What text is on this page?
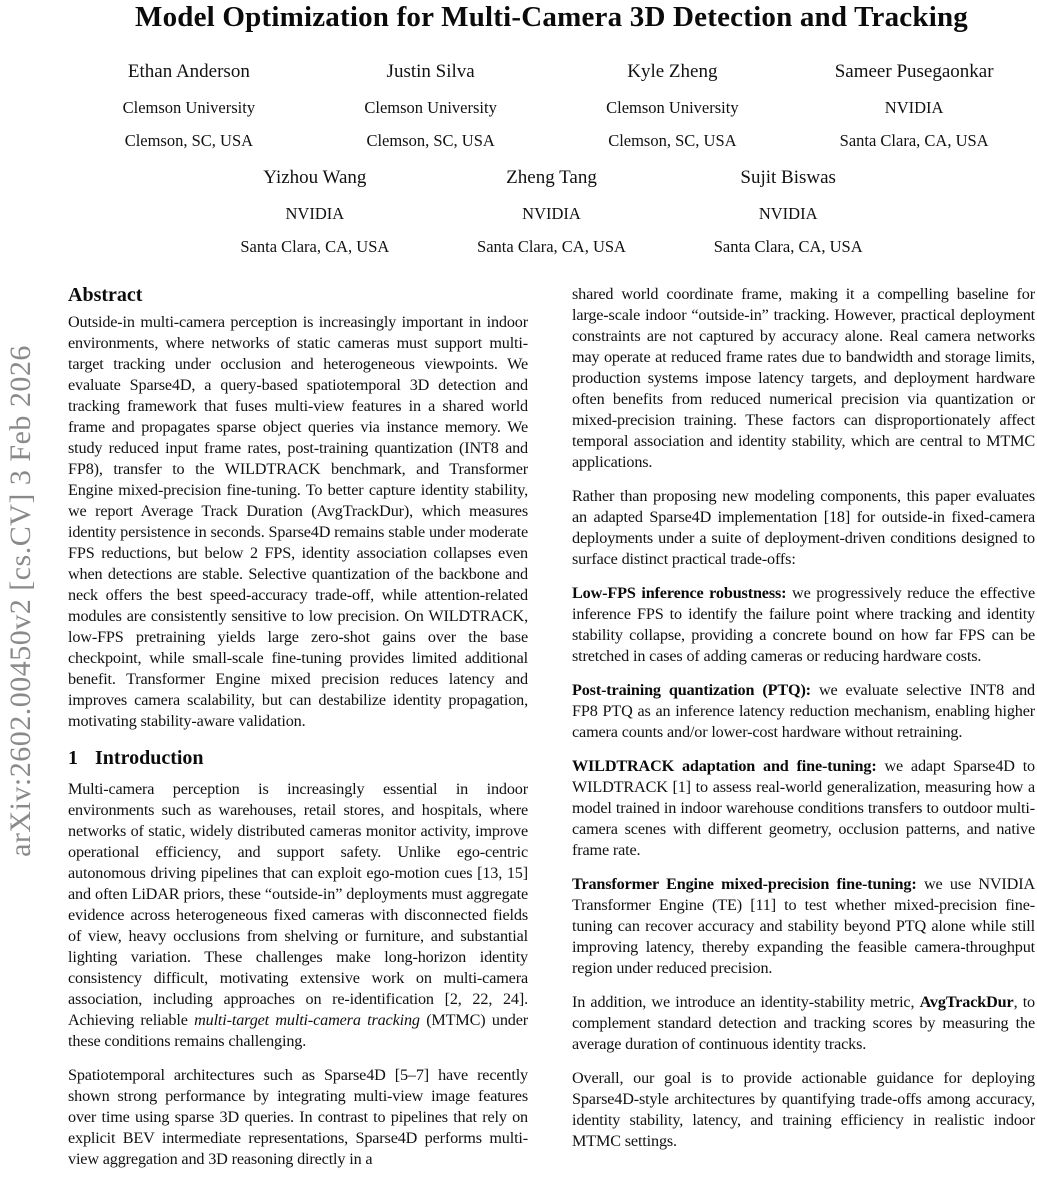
arXiv:2602.00450v2 [cs.CV] 3 Feb 2026
Model Optimization for Multi-Camera 3D Detection and Tracking
Ethan Anderson
Clemson University
Clemson, SC, USA
Justin Silva
Clemson University
Clemson, SC, USA
Kyle Zheng
Clemson University
Clemson, SC, USA
Sameer Pusegaonkar
NVIDIA
Santa Clara, CA, USA
Yizhou Wang
NVIDIA
Santa Clara, CA, USA
Zheng Tang
NVIDIA
Santa Clara, CA, USA
Sujit Biswas
NVIDIA
Santa Clara, CA, USA
Abstract

Outside-in multi-camera perception is increasingly important in indoor environments, where networks of static cameras must support multi-target tracking under occlusion and heterogeneous viewpoints. We evaluate Sparse4D, a query-based spatiotemporal 3D detection and tracking framework that fuses multi-view features in a shared world frame and propagates sparse object queries via instance memory. We study reduced input frame rates, post-training quantization (INT8 and FP8), transfer to the WILDTRACK benchmark, and Transformer Engine mixed-precision fine-tuning. To better capture identity stability, we report Average Track Duration (AvgTrackDur), which measures identity persistence in seconds. Sparse4D remains stable under moderate FPS reductions, but below 2 FPS, identity association collapses even when detections are stable. Selective quantization of the backbone and neck offers the best speed-accuracy trade-off, while attention-related modules are consistently sensitive to low precision. On WILDTRACK, low-FPS pretraining yields large zero-shot gains over the base checkpoint, while small-scale fine-tuning provides limited additional benefit. Transformer Engine mixed precision reduces latency and improves camera scalability, but can destabilize identity propagation, motivating stability-aware validation.

1 Introduction

Multi-camera perception is increasingly essential in indoor environments such as warehouses, retail stores, and hospitals, where networks of static, widely distributed cameras monitor activity, improve operational efficiency, and support safety. Unlike ego-centric autonomous driving pipelines that can exploit ego-motion cues [13, 15] and often LiDAR priors, these “outside-in” deployments must aggregate evidence across heterogeneous fixed cameras with disconnected fields of view, heavy occlusions from shelving or furniture, and substantial lighting variation. These challenges make long-horizon identity consistency difficult, motivating extensive work on multi-camera association, including approaches on re-identification [2, 22, 24]. Achieving reliable multi-target multi-camera tracking (MTMC) under these conditions remains challenging.

Spatiotemporal architectures such as Sparse4D [5–7] have recently shown strong performance by integrating multi-view image features over time using sparse 3D queries. In contrast to pipelines that rely on explicit BEV intermediate representations, Sparse4D performs multi-view aggregation and 3D reasoning directly in a

shared world coordinate frame, making it a compelling baseline for large-scale indoor “outside-in” tracking. However, practical deployment constraints are not captured by accuracy alone. Real camera networks may operate at reduced frame rates due to bandwidth and storage limits, production systems impose latency targets, and deployment hardware often benefits from reduced numerical precision via quantization or mixed-precision training. These factors can disproportionately affect temporal association and identity stability, which are central to MTMC applications.

Rather than proposing new modeling components, this paper evaluates an adapted Sparse4D implementation [18] for outside-in fixed-camera deployments under a suite of deployment-driven conditions designed to surface distinct practical trade-offs:

Low-FPS inference robustness: we progressively reduce the effective inference FPS to identify the failure point where tracking and identity stability collapse, providing a concrete bound on how far FPS can be stretched in cases of adding cameras or reducing hardware costs.

Post-training quantization (PTQ): we evaluate selective INT8 and FP8 PTQ as an inference latency reduction mechanism, enabling higher camera counts and/or lower-cost hardware without retraining.

WILDTRACK adaptation and fine-tuning: we adapt Sparse4D to WILDTRACK [1] to assess real-world generalization, measuring how a model trained in indoor warehouse conditions transfers to outdoor multi-camera scenes with different geometry, occlusion patterns, and native frame rate.

Transformer Engine mixed-precision fine-tuning: we use NVIDIA Transformer Engine (TE) [11] to test whether mixed-precision fine-tuning can recover accuracy and stability beyond PTQ alone while still improving latency, thereby expanding the feasible camera-throughput region under reduced precision.

In addition, we introduce an identity-stability metric, AvgTrackDur, to complement standard detection and tracking scores by measuring the average duration of continuous identity tracks.

Overall, our goal is to provide actionable guidance for deploying Sparse4D-style architectures by quantifying trade-offs among accuracy, identity stability, latency, and training efficiency in realistic indoor MTMC settings.
